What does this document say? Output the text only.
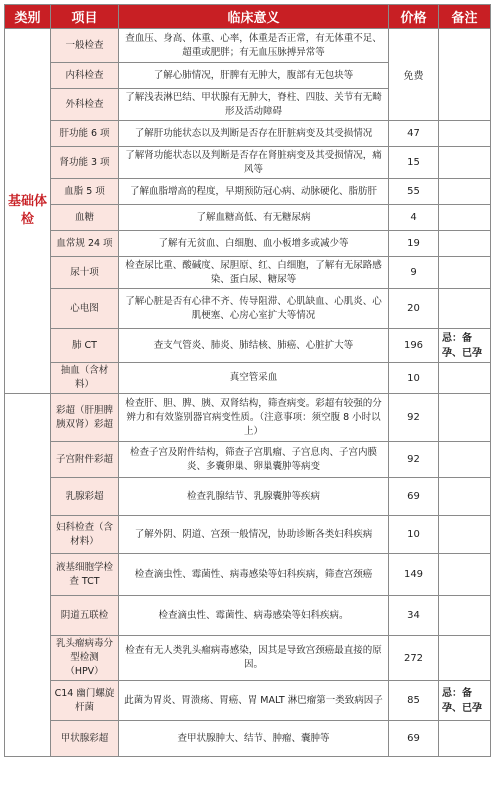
类别	项目	临床意义	价格	备注
基础体检	一般检查	查血压、身高、体重、心率，体重是否正常，有无体重不足、超重或肥胖；有无血压脉搏异常等	免费	
	内科检查	了解心肺情况，肝脾有无肿大，腹部有无包块等		
	外科检查	了解浅表淋巴结、甲状腺有无肿大，脊柱、四肢、关节有无畸形及活动障碍		
	肝功能 6 项	了解肝功能状态以及判断是否存在肝脏病变及其受损情况	47	
	肾功能 3 项	了解肾功能状态以及判断是否存在肾脏病变及其受损情况，痛风等	15	
	血脂 5 项	了解血脂增高的程度，早期预防冠心病、动脉硬化、脂肪肝	55	
	血糖	了解血糖高低、有无糖尿病	4	
	血常规 24 项	了解有无贫血、白细胞、血小板增多或减少等	19	
	尿十项	检查尿比重、酸碱度、尿胆原、红、白细胞，了解有无尿路感染、蛋白尿、糖尿等	9	
	心电图	了解心脏是否有心律不齐、传导阻滞、心肌缺血、心肌炎、心肌梗塞、心房心室扩大等情况	20	
	肺 CT	查支气管炎、肺炎、肺结核、肺癌、心脏扩大等	196	忌：备孕、已孕
	抽血（含材料）	真空管采血	10	
	彩超（肝胆脾胰双肾）彩超	检查肝、胆、脾、胰、双肾结构，筛查病变。彩超有较强的分辨力和有效鉴别器官病变性质。（注意事项：须空腹 8 小时以上）	92	
	子宫附件彩超	检查子宫及附件结构，筛查子宫肌瘤、子宫息肉、子宫内膜炎、多囊卵巢、卵巢囊肿等病变	92	
	乳腺彩超	检查乳腺结节、乳腺囊肿等疾病	69	
	妇科检查（含材料）	了解外阴、阴道、宫颈一般情况，协助诊断各类妇科疾病	10	
	液基细胞学检查 TCT	检查滴虫性、霉菌性、病毒感染等妇科疾病，筛查宫颈癌	149	
	阴道五联检	检查滴虫性、霉菌性、病毒感染等妇科疾病。	34	
	乳头瘤病毒分型检测（HPV）	检查有无人类乳头瘤病毒感染，因其是导致宫颈癌最直接的原因。	272	
	C14 幽门螺旋杆菌	此菌为胃炎、胃溃疡、胃癌、胃 MALT 淋巴瘤第一类致病因子	85	忌：备孕、已孕
	甲状腺彩超	查甲状腺肿大、结节、肿瘤、囊肿等	69	
